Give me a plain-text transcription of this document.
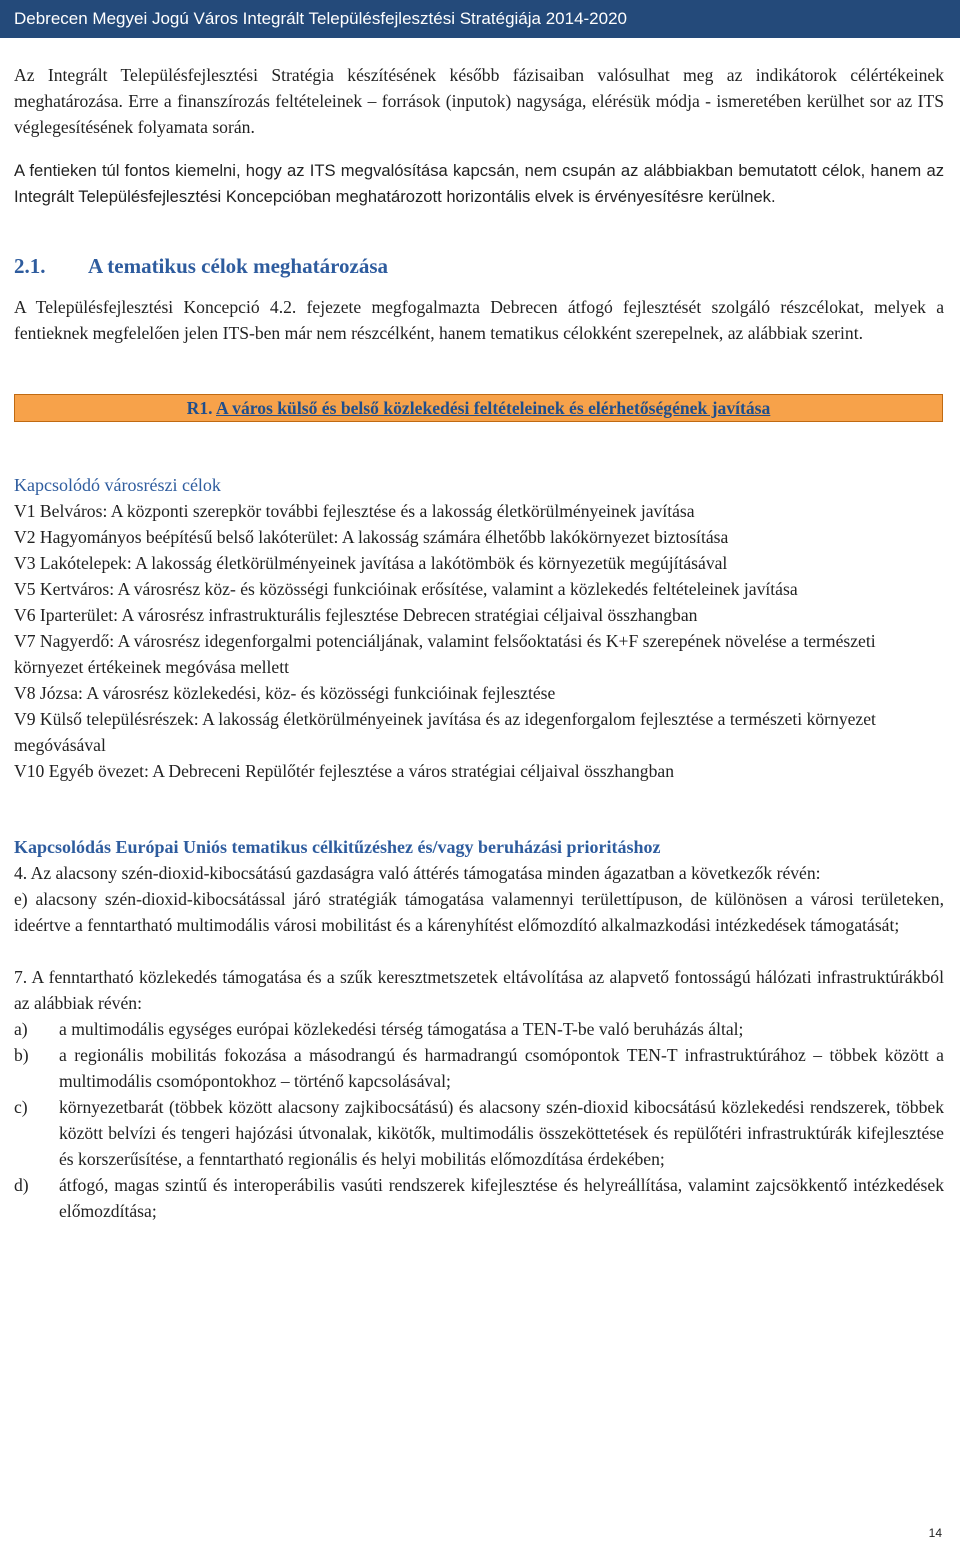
Debrecen Megyei Jogú Város Integrált Településfejlesztési Stratégiája 2014-2020

Az Integrált Településfejlesztési Stratégia készítésének később fázisaiban valósulhat meg az indikátorok célértékeinek meghatározása. Erre a finanszírozás feltételeinek – források (inputok) nagysága, elérésük módja - ismeretében kerülhet sor az ITS véglegesítésének folyamata során.

A fentieken túl fontos kiemelni, hogy az ITS megvalósítása kapcsán, nem csupán az alábbiakban bemutatott célok, hanem az Integrált Településfejlesztési Koncepcióban meghatározott horizontális elvek is érvényesítésre kerülnek.

2.1. A tematikus célok meghatározása

A Településfejlesztési Koncepció 4.2. fejezete megfogalmazta Debrecen átfogó fejlesztését szolgáló részcélokat, melyek a fentieknek megfelelően jelen ITS-ben már nem részcélként, hanem tematikus célokként szerepelnek, az alábbiak szerint.

R1. A város külső és belső közlekedési feltételeinek és elérhetőségének javítása

Kapcsolódó városrészi célok

V1 Belváros: A központi szerepkör további fejlesztése és a lakosság életkörülményeinek javítása

V2 Hagyományos beépítésű belső lakóterület: A lakosság számára élhetőbb lakókörnyezet biztosítása

V3 Lakótelepek: A lakosság életkörülményeinek javítása a lakótömbök és környezetük megújításával

V5 Kertváros: A városrész köz- és közösségi funkcióinak erősítése, valamint a közlekedés feltételeinek javítása

V6 Iparterület: A városrész infrastrukturális fejlesztése Debrecen stratégiai céljaival összhangban

V7 Nagyerdő: A városrész idegenforgalmi potenciáljának, valamint felsőoktatási és K+F szerepének növelése a természeti környezet értékeinek megóvása mellett

V8 Józsa: A városrész közlekedési, köz- és közösségi funkcióinak fejlesztése

V9 Külső településrészek: A lakosság életkörülményeinek javítása és az idegenforgalom fejlesztése a természeti környezet megóvásával

V10 Egyéb övezet: A Debreceni Repülőtér fejlesztése a város stratégiai céljaival összhangban

Kapcsolódás Európai Uniós tematikus célkitűzéshez és/vagy beruházási prioritáshoz

4. Az alacsony szén-dioxid-kibocsátású gazdaságra való áttérés támogatása minden ágazatban a következők révén:

e) alacsony szén-dioxid-kibocsátással járó stratégiák támogatása valamennyi területtípuson, de különösen a városi területeken, ideértve a fenntartható multimodális városi mobilitást és a kárenyhítést előmozdító alkalmazkodási intézkedések támogatását;

7. A fenntartható közlekedés támogatása és a szűk keresztmetszetek eltávolítása az alapvető fontosságú hálózati infrastruktúrákból az alábbiak révén:

a)	a multimodális egységes európai közlekedési térség támogatása a TEN-T-be való beruházás által;
b)	a regionális mobilitás fokozása a másodrangú és harmadrangú csomópontok TEN-T infrastruktúrához – többek között a multimodális csomópontokhoz – történő kapcsolásával;
c)	környezetbarát (többek között alacsony zajkibocsátású) és alacsony szén-dioxid kibocsátású közlekedési rendszerek, többek között belvízi és tengeri hajózási útvonalak, kikötők, multimodális összeköttetések és repülőtéri infrastruktúrák kifejlesztése és korszerűsítése, a fenntartható regionális és helyi mobilitás előmozdítása érdekében;
d)	átfogó, magas szintű és interoperábilis vasúti rendszerek kifejlesztése és helyreállítása, valamint zajcsökkentő intézkedések előmozdítása;
14
